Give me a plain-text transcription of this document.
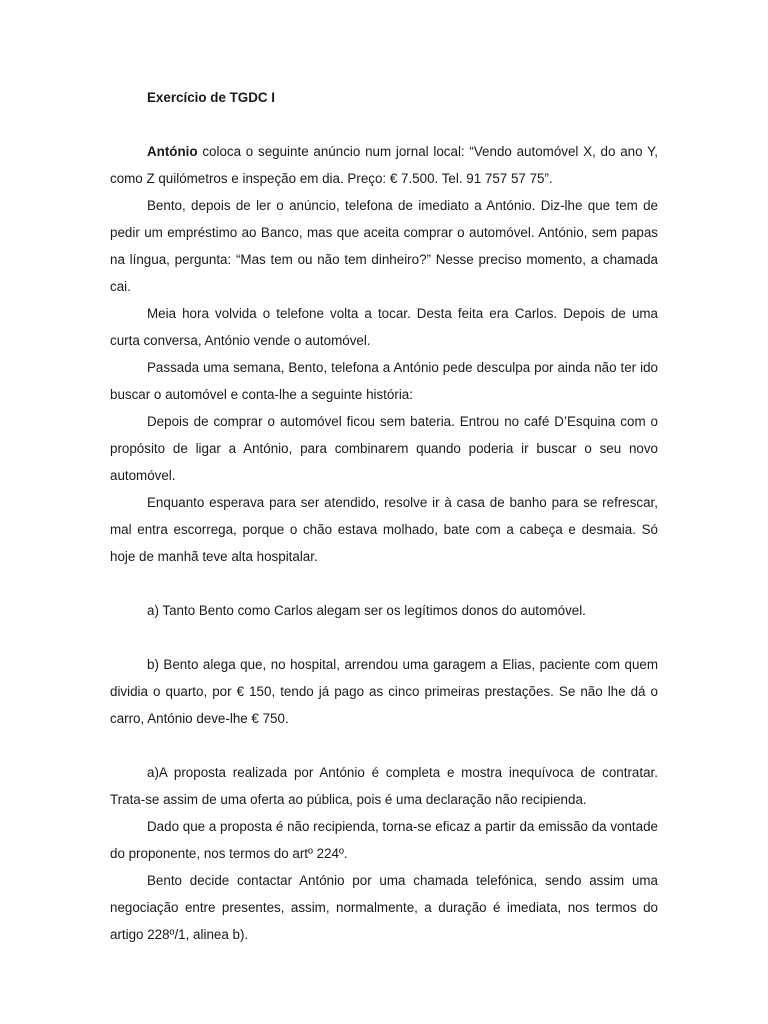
Exercício de TGDC I

António coloca o seguinte anúncio num jornal local: “Vendo automóvel X, do ano Y, como Z quilómetros e inspeção em dia. Preço: € 7.500. Tel. 91 757 57 75”.

Bento, depois de ler o anúncio, telefona de imediato a António. Diz-lhe que tem de pedir um empréstimo ao Banco, mas que aceita comprar o automóvel. António, sem papas na língua, pergunta: “Mas tem ou não tem dinheiro?” Nesse preciso momento, a chamada cai.

Meia hora volvida o telefone volta a tocar. Desta feita era Carlos. Depois de uma curta conversa, António vende o automóvel.

Passada uma semana, Bento, telefona a António pede desculpa por ainda não ter ido buscar o automóvel e conta-lhe a seguinte história:

Depois de comprar o automóvel ficou sem bateria. Entrou no café D’Esquina com o propósito de ligar a António, para combinarem quando poderia ir buscar o seu novo automóvel.

Enquanto esperava para ser atendido, resolve ir à casa de banho para se refrescar, mal entra escorrega, porque o chão estava molhado, bate com a cabeça e desmaia. Só hoje de manhã teve alta hospitalar.

a) Tanto Bento como Carlos alegam ser os legítimos donos do automóvel.

b) Bento alega que, no hospital, arrendou uma garagem a Elias, paciente com quem dividia o quarto, por € 150, tendo já pago as cinco primeiras prestações. Se não lhe dá o carro, António deve-lhe € 750.

a)A proposta realizada por António é completa e mostra inequívoca de contratar. Trata-se assim de uma oferta ao pública, pois é uma declaração não recipienda.

Dado que a proposta é não recipienda, torna-se eficaz a partir da emissão da vontade do proponente, nos termos do artº 224º.

Bento decide contactar António por uma chamada telefónica, sendo assim uma negociação entre presentes, assim, normalmente, a duração é imediata, nos termos do artigo 228º/1, alinea b).
